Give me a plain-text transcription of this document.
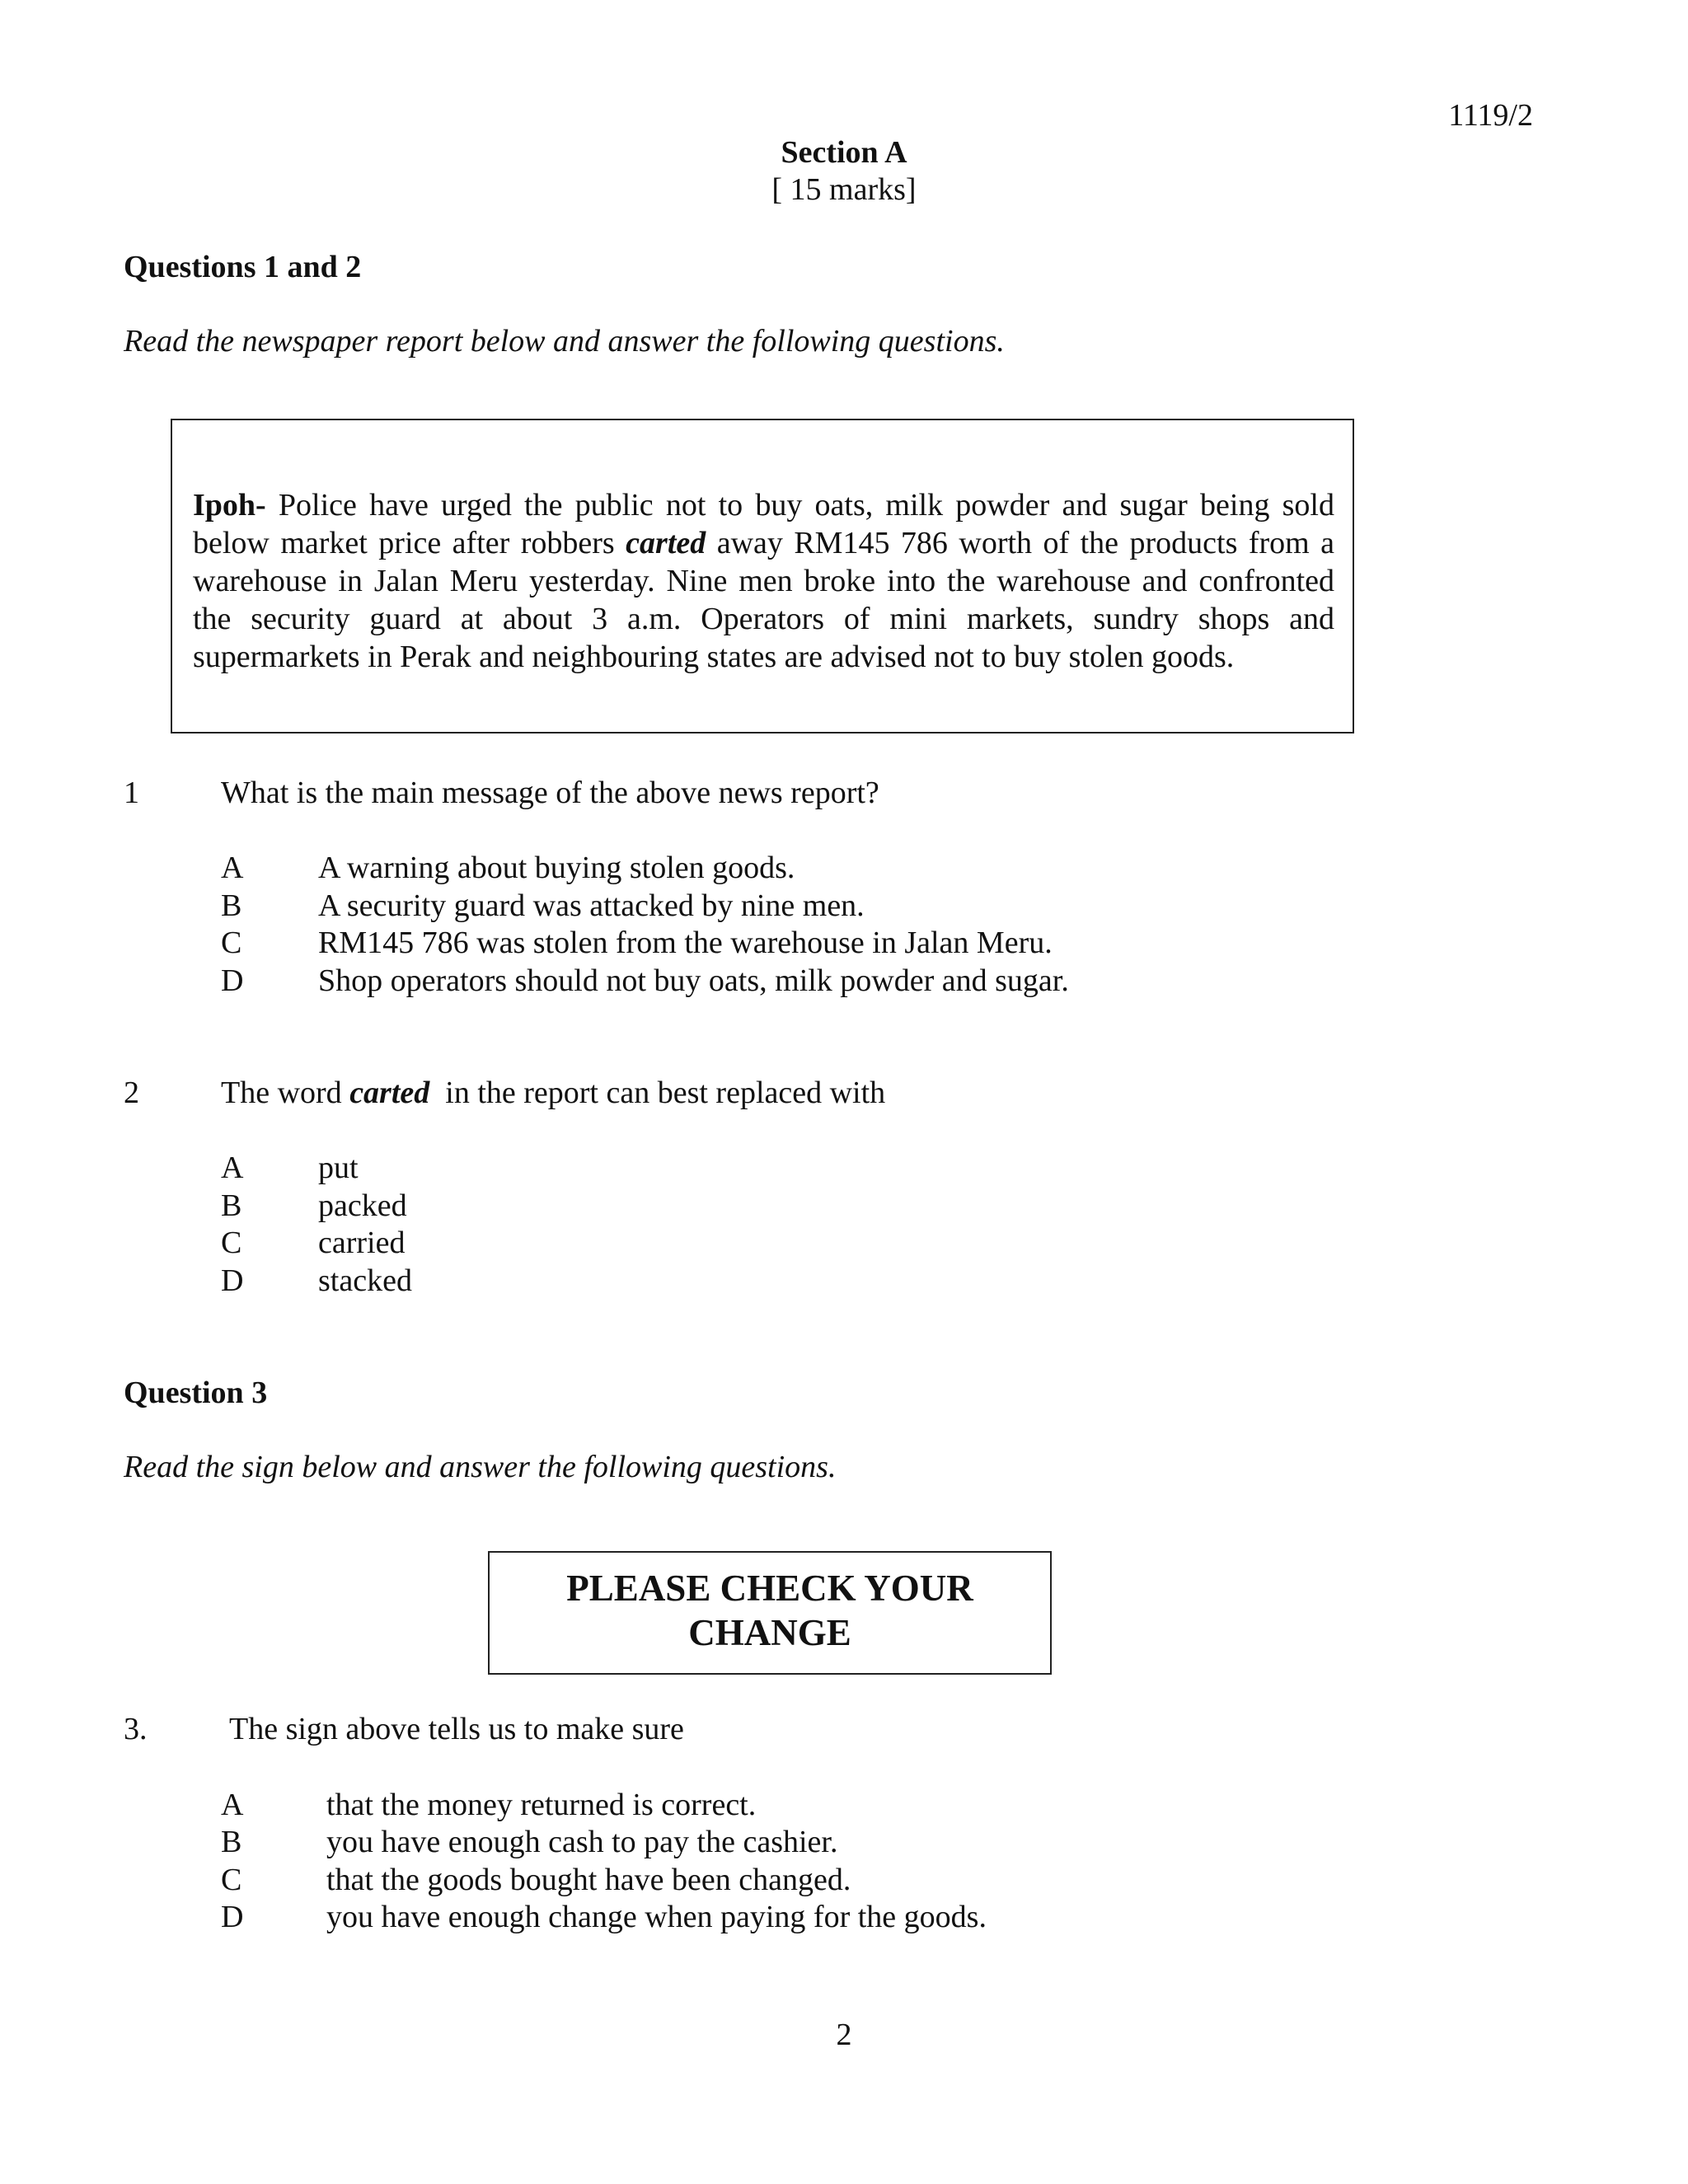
1119/2
Section A
[ 15 marks]
Questions 1 and 2
Read the newspaper report below and answer the following questions.
Ipoh- Police have urged the public not to buy oats, milk powder and sugar being sold below market price after robbers carted away RM145 786 worth of the products from a warehouse in Jalan Meru yesterday. Nine men broke into the warehouse and confronted the security guard at about 3 a.m. Operators of mini markets, sundry shops and supermarkets in Perak and neighbouring states are advised not to buy stolen goods.
1	What is the main message of the above news report?
A A warning about buying stolen goods.
B A security guard was attacked by nine men.
C RM145 786 was stolen from the warehouse in Jalan Meru.
D Shop operators should not buy oats, milk powder and sugar.
2	The word carted  in the report can best replaced with
A put
B packed
C carried
D stacked
Question 3
Read the sign below and answer the following questions.
PLEASE CHECK YOUR
CHANGE
3.	The sign above tells us to make sure
A	that the money returned is correct.
B	you have enough cash to pay the cashier.
C	that the goods bought have been changed.
D	you have enough change when paying for the goods.
2
